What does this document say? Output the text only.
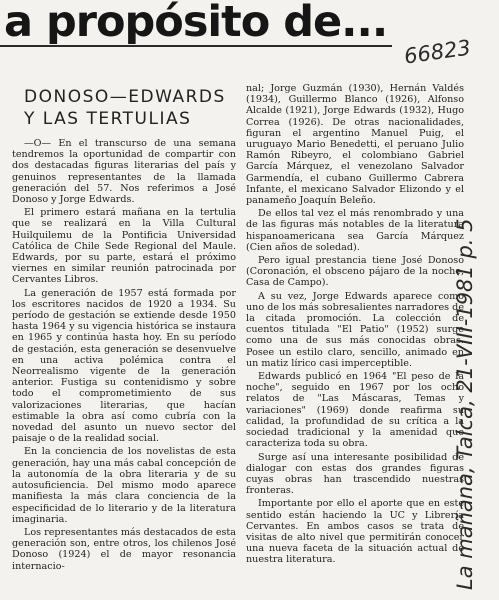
a propósito de...
66823
DONOSO—EDWARDS
Y LAS TERTULIAS

—O— En el transcurso de una semana tendremos la oportunidad de compartir con dos destacadas figuras literarias del país y genuinos representantes de la llamada generación del 57. Nos referimos a José Donoso y Jorge Edwards.

El primero estará mañana en la tertulia que se realizará en la Villa Cultural Huilquilemu de la Pontificia Universidad Católica de Chile Sede Regional del Maule. Edwards, por su parte, estará el próximo viernes en similar reunión patrocinada por Cervantes Libros.

La generación de 1957 está formada por los escritores nacidos de 1920 a 1934. Su período de gestación se extiende desde 1950 hasta 1964 y su vigencia histórica se instaura en 1965 y continúa hasta hoy. En su período de gestación, esta generación se desenvuelve en una activa polémica contra el Neorrealismo vigente de la generación anterior. Fustiga su contenidismo y sobre todo el comprometimiento de sus valorizaciones literarias, que hacían estimable la obra así como cubría con la novedad del asunto un nuevo sector del paisaje o de la realidad social.

En la conciencia de los novelistas de esta generación, hay una más cabal concepción de la autonomía de la obra literaria y de su autosuficiencia. Del mismo modo aparece manifiesta la más clara conciencia de la especificidad de lo literario y de la literatura imaginaria.

Los representantes más destacados de esta generación son, entre otros, los chilenos José Donoso (1924) el de mayor resonancia internacio-

nal; Jorge Guzmán (1930), Hernán Valdés (1934), Guillermo Blanco (1926), Alfonso Alcalde (1921), Jorge Edwards (1932), Hugo Correa (1926). De otras nacionalidades, figuran el argentino Manuel Puig, el uruguayo Mario Benedetti, el peruano Julio Ramón Ribeyro, el colombiano Gabriel García Márquez, el venezolano Salvador Garmendía, el cubano Guillermo Cabrera Infante, el mexicano Salvador Elizondo y el panameño Joaquín Beleño.

De ellos tal vez el más renombrado y una de las figuras más notables de la literatura hispanoamericana sea García Márquez (Cien años de soledad).

Pero igual prestancia tiene José Donoso (Coronación, el obsceno pájaro de la noche, Casa de Campo).

A su vez, Jorge Edwards aparece como uno de los más sobresalientes narradores de la citada promoción. La colección de cuentos titulada "El Patio" (1952) surge como una de sus más conocidas obras. Posee un estilo claro, sencillo, animado en un matiz lírico casi imperceptible.

Edwards publicó en 1964 "El peso de la noche", seguido en 1967 por los ocho relatos de "Las Máscaras, Temas y variaciones" (1969) donde reafirma su calidad, la profundidad de su crítica a la sociedad tradicional y la amenidad que caracteriza toda su obra.

Surge así una interesante posibilidad de dialogar con estas dos grandes figuras cuyas obras han trascendido nuestras fronteras.

Importante por ello el aporte que en este sentido están haciendo la UC y Librería Cervantes. En ambos casos se trata de visitas de alto nivel que permitirán conocer una nueva faceta de la situación actual de nuestra literatura.	La mañana, Talca, 21-VIII-1981 p. 5
